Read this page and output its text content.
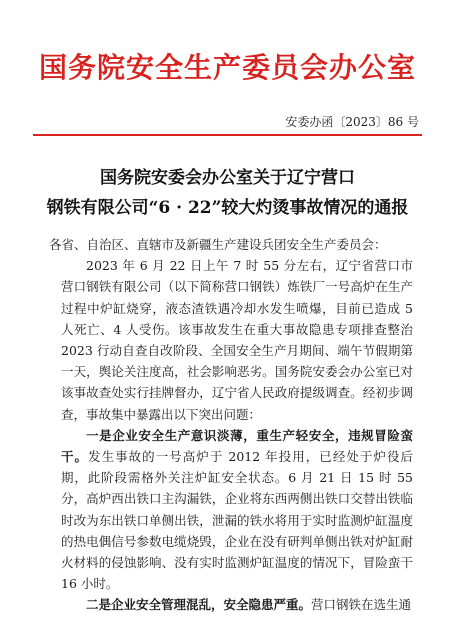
国务院安全生产委员会办公室
安委办函〔2023〕86 号
国务院安委会办公室关于辽宁营口
钢铁有限公司“6 · 22”较大灼烫事故情况的通报

各省、自治区、直辖市及新疆生产建设兵团安全生产委员会：

2023 年 6 月 22 日上午 7 时 55 分左右，辽宁省营口市营口钢铁有限公司（以下简称营口钢铁）炼铁厂一号高炉在生产过程中炉缸烧穿，液态渣铁遇冷却水发生喷爆，目前已造成 5 人死亡、4 人受伤。该事故发生在重大事故隐患专项排查整治 2023 行动自查自改阶段、全国安全生产月期间、端午节假期第一天，舆论关注度高，社会影响恶劣。国务院安委会办公室已对该事故查处实行挂牌督办，辽宁省人民政府提级调查。经初步调查，事故集中暴露出以下突出问题：

一是企业安全生产意识淡薄，重生产轻安全，违规冒险蛮干。发生事故的一号高炉于 2012 年投用，已经处于炉役后期，此阶段需格外关注炉缸安全状态。6 月 21 日 15 时 55 分，高炉西出铁口主沟漏铁，企业将东西两侧出铁口交替出铁临时改为东出铁口单侧出铁，泄漏的铁水将用于实时监测炉缸温度的热电偶信号参数电缆烧毁，企业在没有研判单侧出铁对炉缸耐火材料的侵蚀影响、没有实时监测炉缸温度的情况下，冒险蛮干 16 小时。

二是企业安全管理混乱，安全隐患严重。营口钢铁在选生通
